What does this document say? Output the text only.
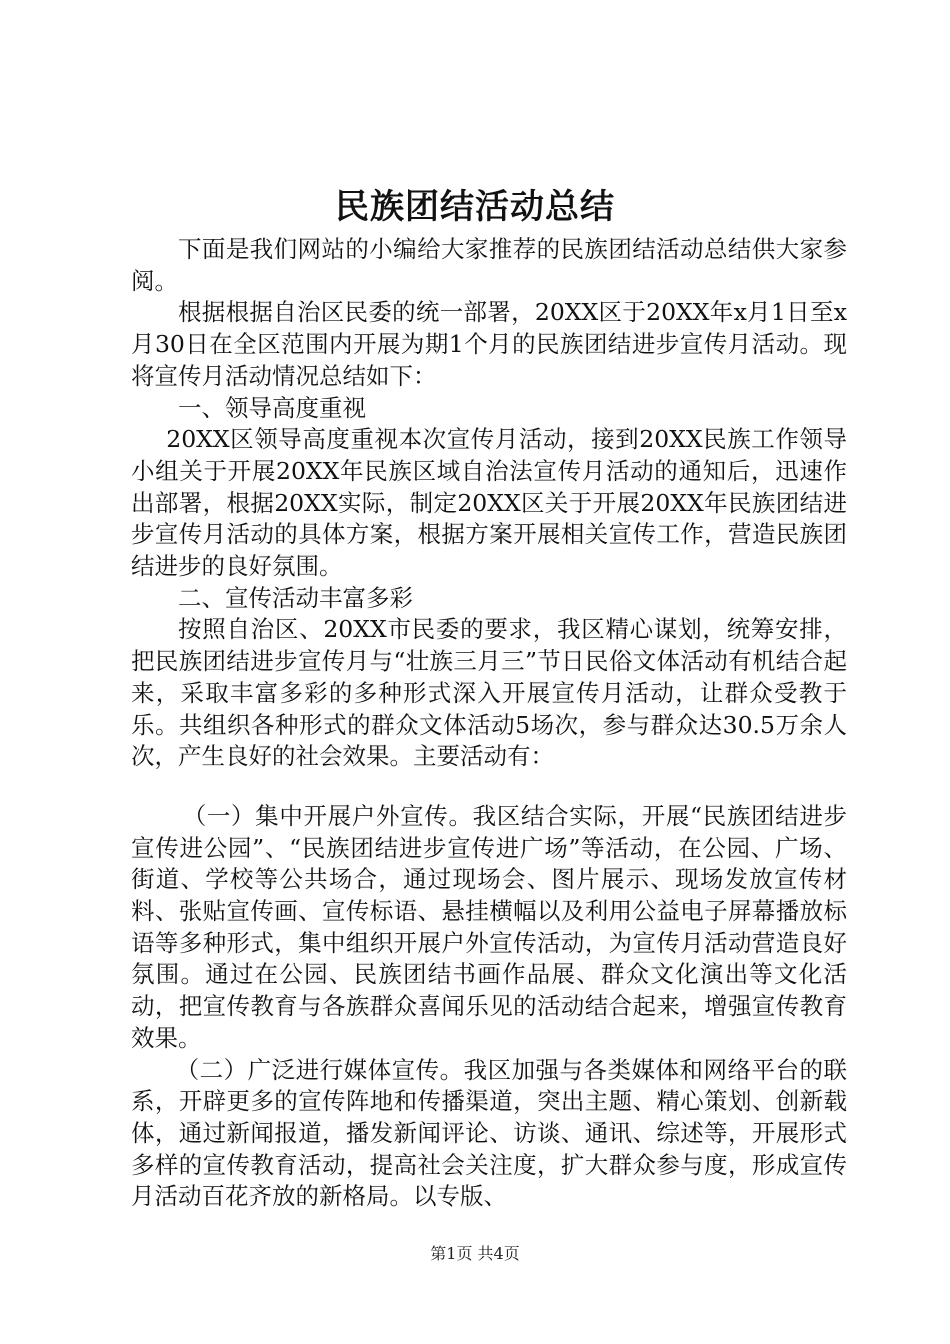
民族团结活动总结

下面是我们网站的小编给大家推荐的民族团结活动总结供大家参阅。

根据根据自治区民委的统一部署，20XX区于20XX年x月1日至x月30日在全区范围内开展为期1个月的民族团结进步宣传月活动。现将宣传月活动情况总结如下：

一、领导高度重视

20XX区领导高度重视本次宣传月活动，接到20XX民族工作领导小组关于开展20XX年民族区域自治法宣传月活动的通知后，迅速作出部署，根据20XX实际，制定20XX区关于开展20XX年民族团结进步宣传月活动的具体方案，根据方案开展相关宣传工作，营造民族团结进步的良好氛围。

二、宣传活动丰富多彩

按照自治区、20XX市民委的要求，我区精心谋划，统筹安排，把民族团结进步宣传月与“壮族三月三”节日民俗文体活动有机结合起来，采取丰富多彩的多种形式深入开展宣传月活动，让群众受教于乐。共组织各种形式的群众文体活动5场次，参与群众达30.5万余人次，产生良好的社会效果。主要活动有：

（一）集中开展户外宣传。我区结合实际，开展“民族团结进步宣传进公园”、“民族团结进步宣传进广场”等活动，在公园、广场、街道、学校等公共场合，通过现场会、图片展示、现场发放宣传材料、张贴宣传画、宣传标语、悬挂横幅以及利用公益电子屏幕播放标语等多种形式，集中组织开展户外宣传活动，为宣传月活动营造良好氛围。通过在公园、民族团结书画作品展、群众文化演出等文化活动，把宣传教育与各族群众喜闻乐见的活动结合起来，增强宣传教育效果。

（二）广泛进行媒体宣传。我区加强与各类媒体和网络平台的联系，开辟更多的宣传阵地和传播渠道，突出主题、精心策划、创新载体，通过新闻报道，播发新闻评论、访谈、通讯、综述等，开展形式多样的宣传教育活动，提高社会关注度，扩大群众参与度，形成宣传月活动百花齐放的新格局。以专版、

第1页 共4页
